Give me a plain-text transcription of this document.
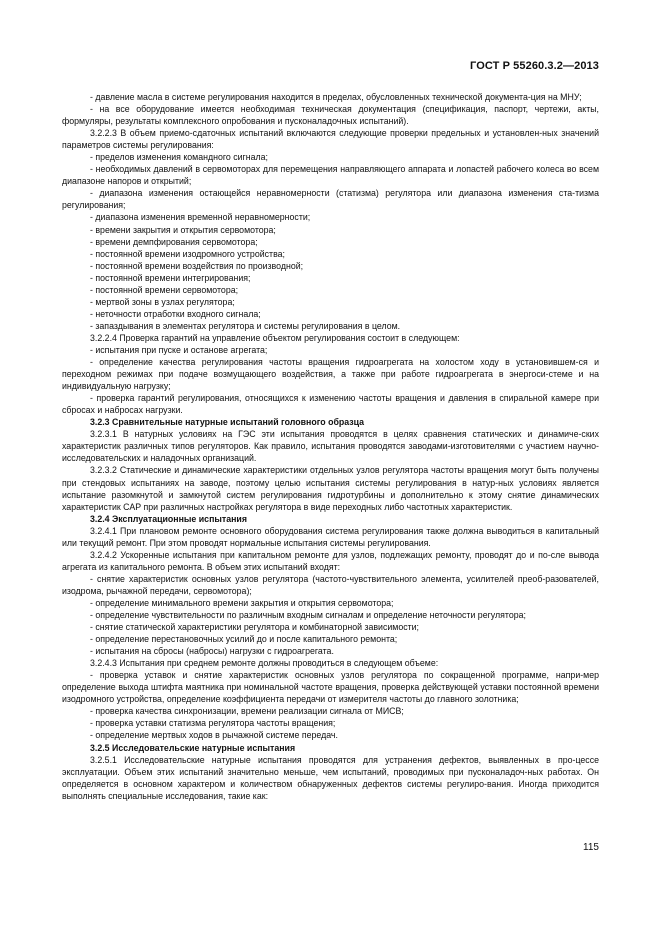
ГОСТ Р 55260.3.2—2013

- давление масла в системе регулирования находится в пределах, обусловленных технической документа-ция на МНУ;

- на все оборудование имеется необходимая техническая документация (спецификация, паспорт, чертежи, акты, формуляры, результаты комплексного опробования и пусконаладочных испытаний).

3.2.2.3 В объем приемо-сдаточных испытаний включаются следующие проверки предельных и установлен-ных значений параметров системы регулирования:

- пределов изменения командного сигнала;

- необходимых давлений в сервомоторах для перемещения направляющего аппарата и лопастей рабочего колеса во всем диапазоне напоров и открытий;

- диапазона изменения остающейся неравномерности (статизма) регулятора или диапазона изменения ста-тизма регулирования;

- диапазона изменения временной неравномерности;

- времени закрытия и открытия сервомотора;

- времени демпфирования сервомотора;

- постоянной времени изодромного устройства;

- постоянной времени воздействия по производной;

- постоянной времени интегрирования;

- постоянной времени сервомотора;

- мертвой зоны в узлах регулятора;

- неточности отработки входного сигнала;

- запаздывания в элементах регулятора и системы регулирования в целом.

3.2.2.4 Проверка гарантий на управление объектом регулирования состоит в следующем:

- испытания при пуске и останове агрегата;

- определение качества регулирования частоты вращения гидроагрегата на холостом ходу в установившем-ся и переходном режимах при подаче возмущающего воздействия, а также при работе гидроагрегата в энергоси-стеме и на индивидуальную нагрузку;

- проверка гарантий регулирования, относящихся к изменению частоты вращения и давления в спиральной камере при сбросах и набросах нагрузки.

3.2.3 Сравнительные натурные испытаний головного образца

3.2.3.1 В натурных условиях на ГЭС эти испытания проводятся в целях сравнения статических и динамиче-ских характеристик различных типов регуляторов. Как правило, испытания проводятся заводами-изготовителями с участием научно-исследовательских и наладочных организаций.

3.2.3.2 Статические и динамические характеристики отдельных узлов регулятора частоты вращения могут быть получены при стендовых испытаниях на заводе, поэтому целью испытания системы регулирования в натур-ных условиях является испытание разомкнутой и замкнутой систем регулирования гидротурбины и дополнительно к этому снятие динамических характеристик САР при различных настройках регулятора в виде переходных либо частотных характеристик.

3.2.4 Эксплуатационные испытания

3.2.4.1 При плановом ремонте основного оборудования система регулирования также должна выводиться в капитальный или текущий ремонт. При этом проводят нормальные испытания системы регулирования.

3.2.4.2 Ускоренные испытания при капитальном ремонте для узлов, подлежащих ремонту, проводят до и по-сле вывода агрегата из капитального ремонта. В объем этих испытаний входят:

- снятие характеристик основных узлов регулятора (частото-чувствительного элемента, усилителей преоб-разователей, изодрома, рычажной передачи, сервомотора);

- определение минимального времени закрытия и открытия сервомотора;

- определение чувствительности по различным входным сигналам и определение неточности регулятора;

- снятие статической характеристики регулятора и комбинаторной зависимости;

- определение перестановочных усилий до и после капитального ремонта;

- испытания на сбросы (набросы) нагрузки с гидроагрегата.

3.2.4.3 Испытания при среднем ремонте должны проводиться в следующем объеме:

- проверка уставок и снятие характеристик основных узлов регулятора по сокращенной программе, напри-мер определение выхода штифта маятника при номинальной частоте вращения, проверка действующей уставки постоянной времени изодромного устройства, определение коэффициента передачи от измерителя частоты до главного золотника;

- проверка качества синхронизации, времени реализации сигнала от МИСВ;

- проверка уставки статизма регулятора частоты вращения;

- определение мертвых ходов в рычажной системе передач.

3.2.5 Исследовательские натурные испытания

3.2.5.1 Исследовательские натурные испытания проводятся для устранения дефектов, выявленных в про-цессе эксплуатации. Объем этих испытаний значительно меньше, чем испытаний, проводимых при пусконаладоч-ных работах. Он определяется в основном характером и количеством обнаруженных дефектов системы регулиро-вания. Иногда приходится выполнять специальные исследования, такие как:

115
